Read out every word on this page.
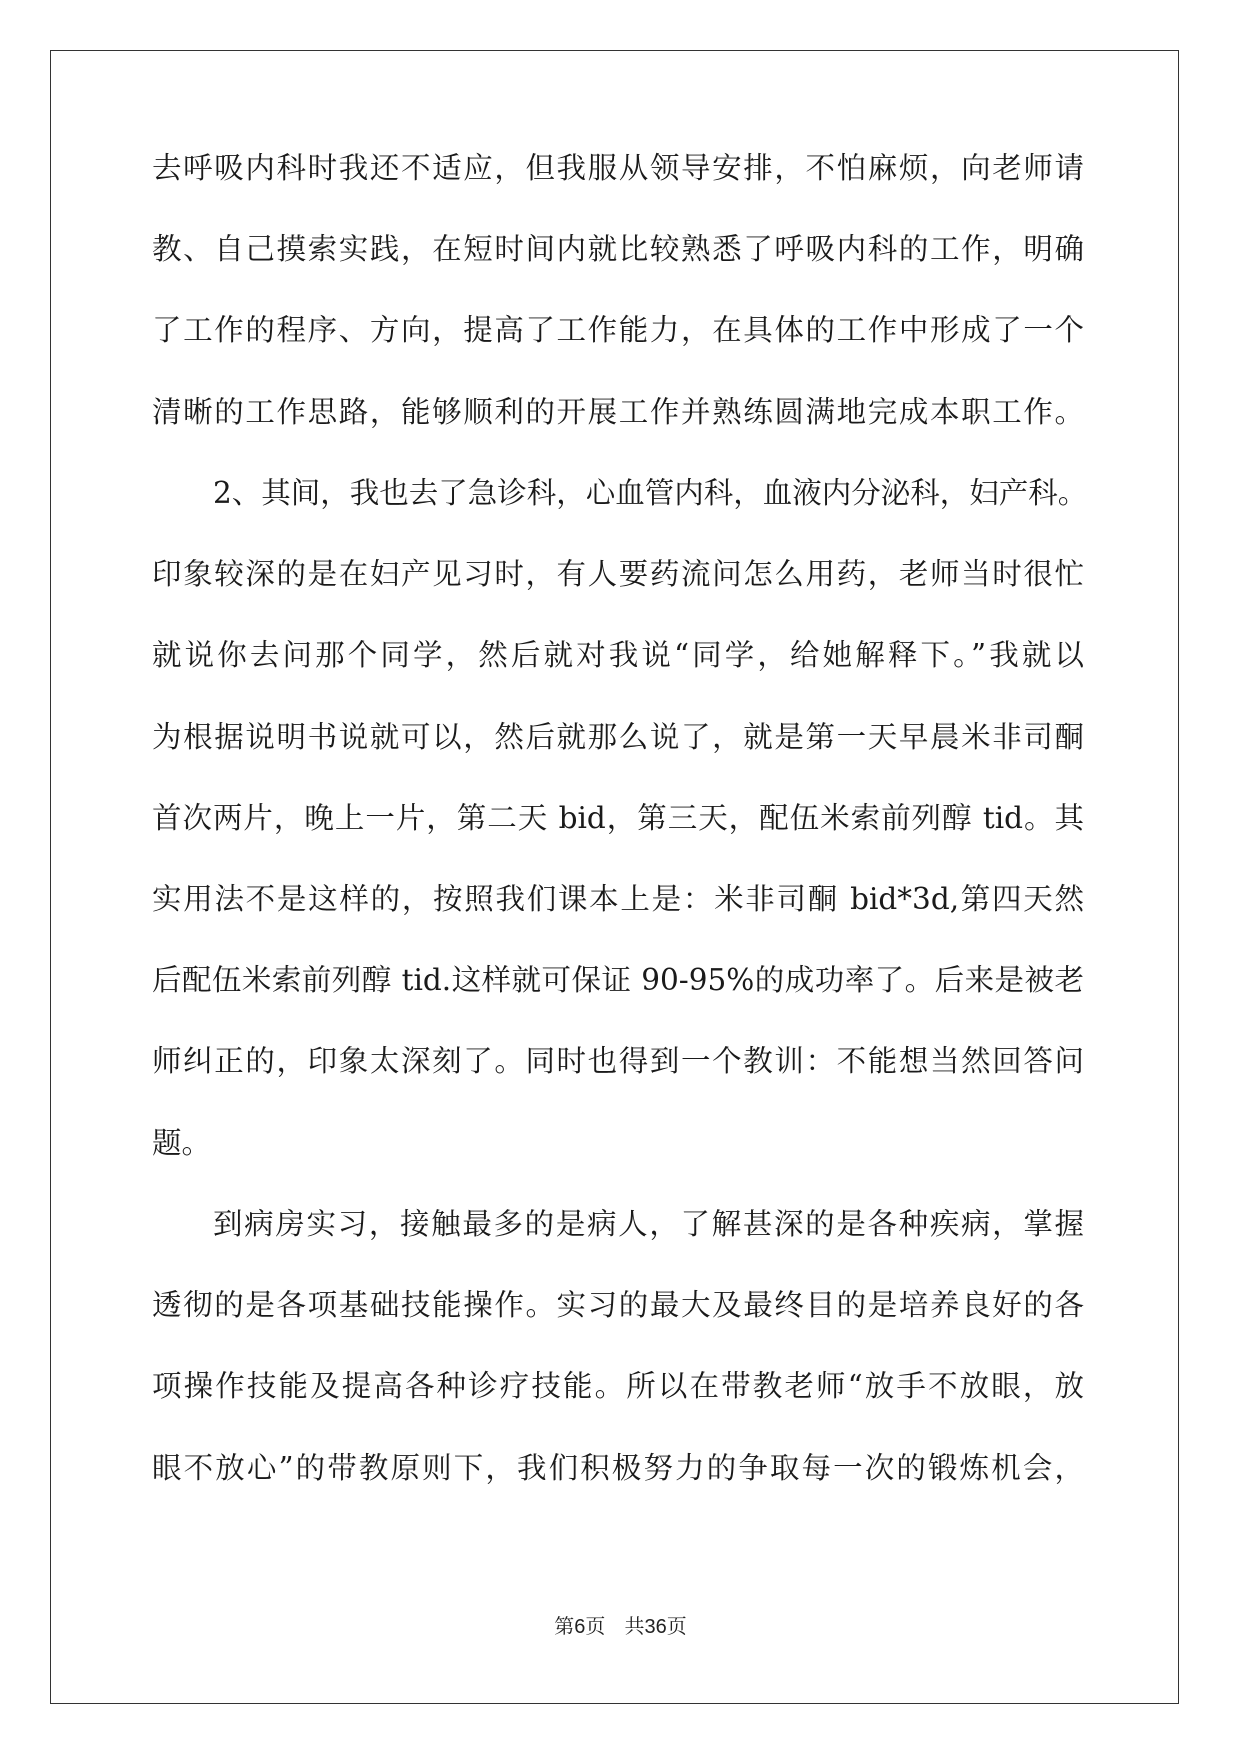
去呼吸内科时我还不适应，但我服从领导安排，不怕麻烦，向老师请
教、自己摸索实践，在短时间内就比较熟悉了呼吸内科的工作，明确
了工作的程序、方向，提高了工作能力，在具体的工作中形成了一个
清晰的工作思路，能够顺利的开展工作并熟练圆满地完成本职工作。
2、其间，我也去了急诊科，心血管内科，血液内分泌科，妇产科。
印象较深的是在妇产见习时，有人要药流问怎么用药，老师当时很忙
就说你去问那个同学，然后就对我说“同学，给她解释下。”我就以
为根据说明书说就可以，然后就那么说了，就是第一天早晨米非司酮
首次两片，晚上一片，第二天 bid，第三天，配伍米索前列醇 tid。其
实用法不是这样的，按照我们课本上是：米非司酮 bid*3d,第四天然
后配伍米索前列醇 tid.这样就可保证 90-95%的成功率了。后来是被老
师纠正的，印象太深刻了。同时也得到一个教训：不能想当然回答问
题。
到病房实习，接触最多的是病人，了解甚深的是各种疾病，掌握
透彻的是各项基础技能操作。实习的最大及最终目的是培养良好的各
项操作技能及提高各种诊疗技能。所以在带教老师“放手不放眼，放
眼不放心”的带教原则下，我们积极努力的争取每一次的锻炼机会，
第6页 共36页
